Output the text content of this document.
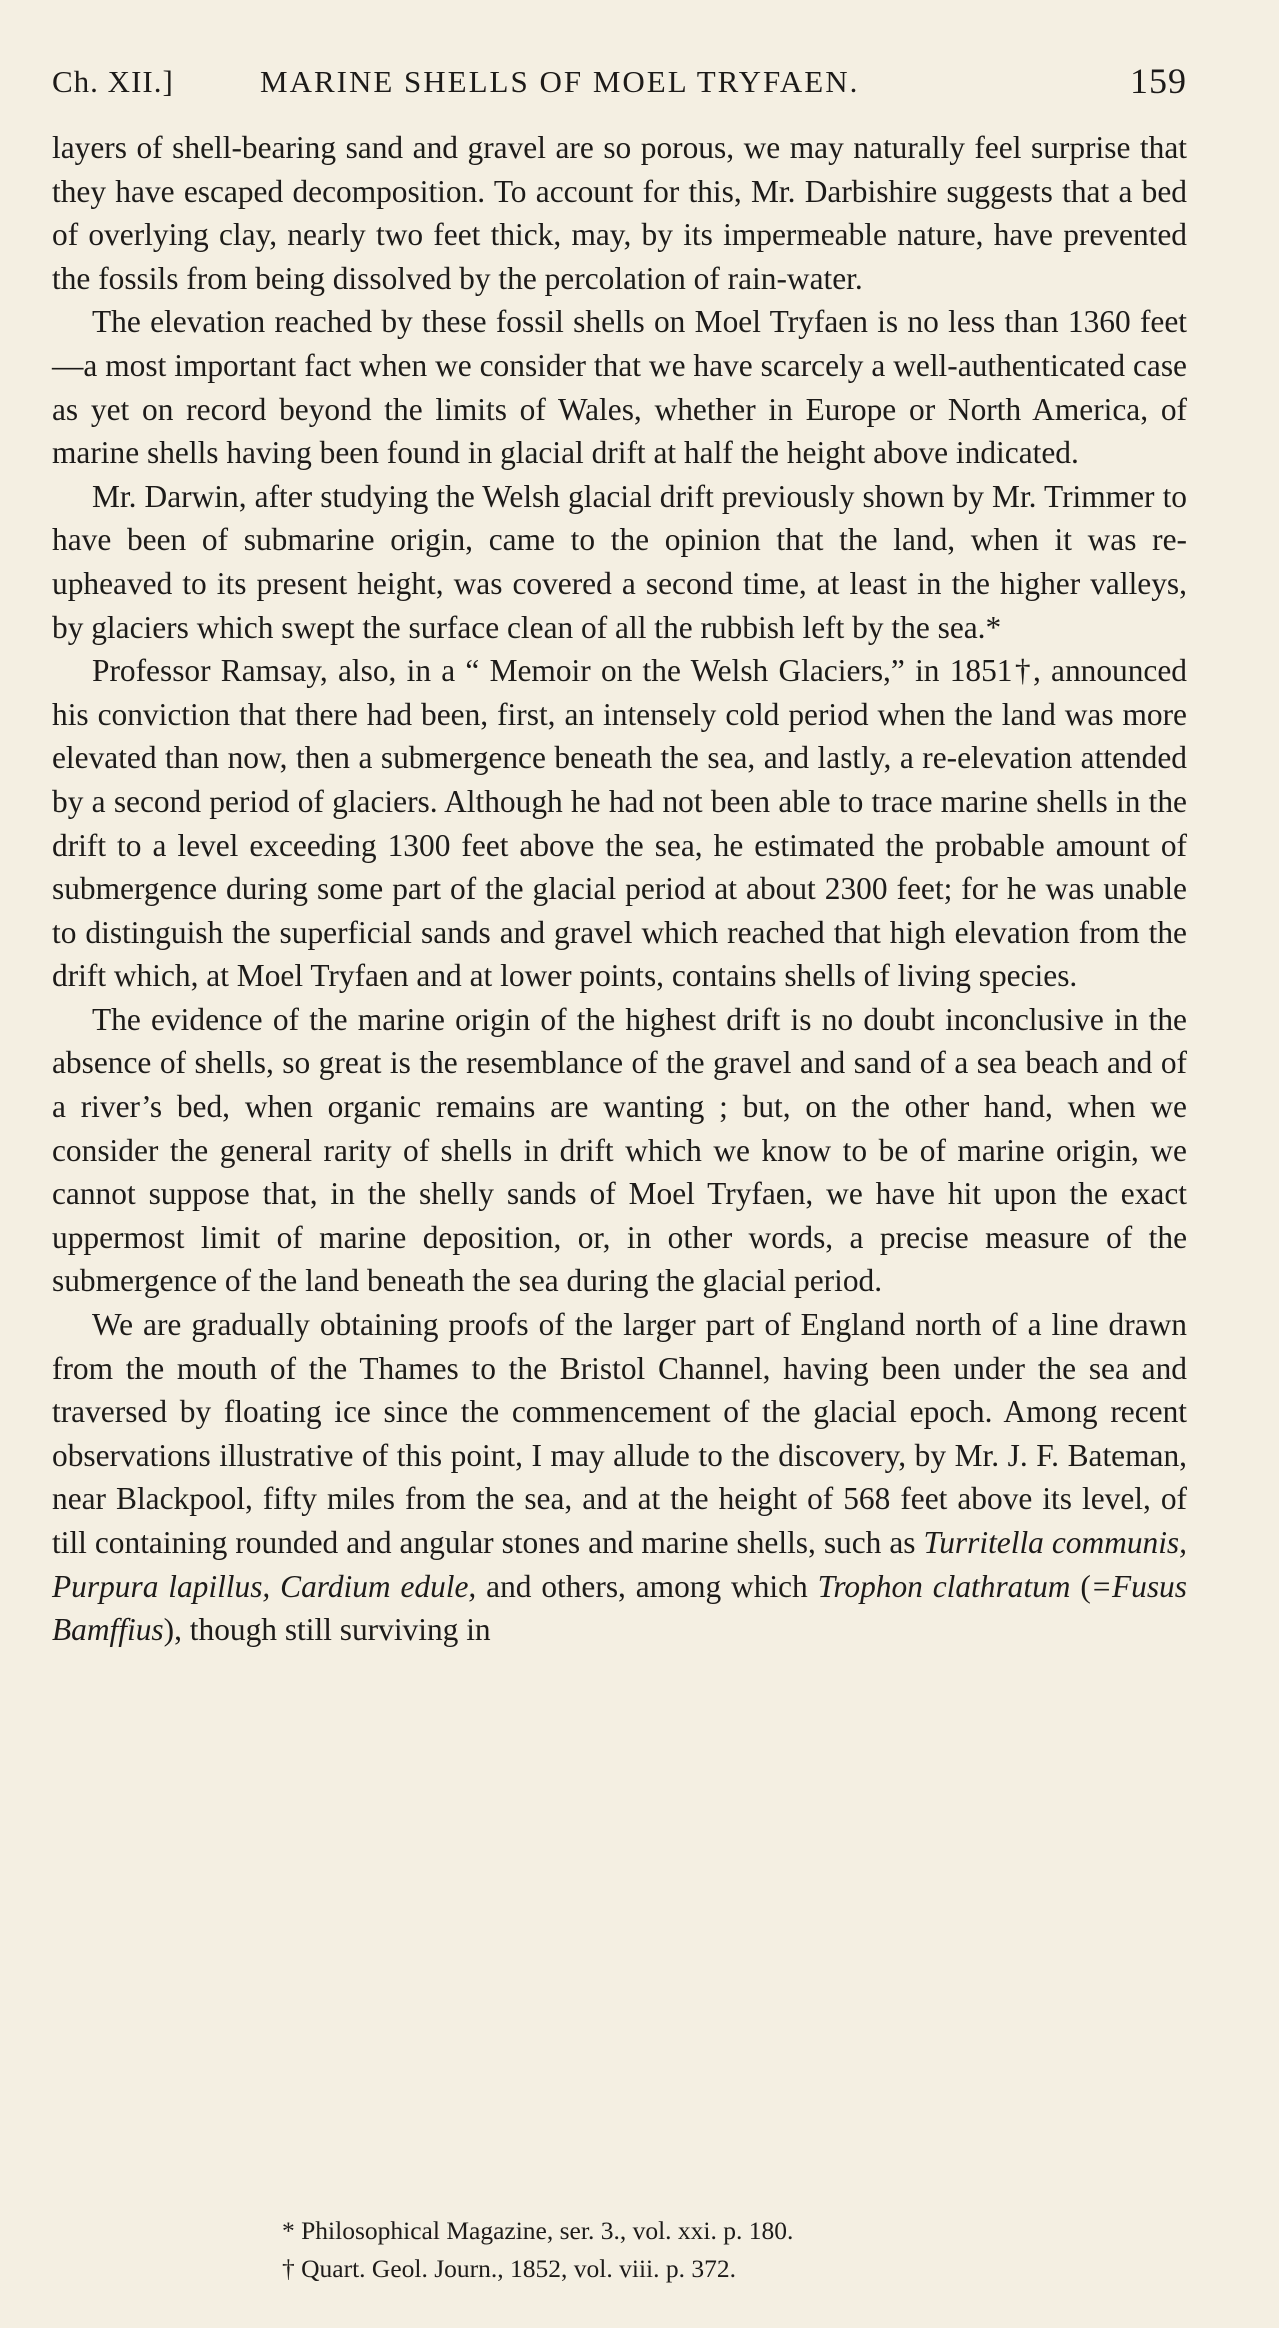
Ch. XII.]	MARINE SHELLS OF MOEL TRYFAEN.	159

layers of shell-bearing sand and gravel are so porous, we may naturally feel surprise that they have escaped decomposition. To account for this, Mr. Darbishire suggests that a bed of overlying clay, nearly two feet thick, may, by its impermeable nature, have prevented the fossils from being dissolved by the percolation of rain-water.

The elevation reached by these fossil shells on Moel Tryfaen is no less than 1360 feet—a most important fact when we consider that we have scarcely a well-authenticated case as yet on record beyond the limits of Wales, whether in Europe or North America, of marine shells having been found in glacial drift at half the height above indicated.

Mr. Darwin, after studying the Welsh glacial drift previously shown by Mr. Trimmer to have been of submarine origin, came to the opinion that the land, when it was re-upheaved to its present height, was covered a second time, at least in the higher valleys, by glaciers which swept the surface clean of all the rubbish left by the sea.*

Professor Ramsay, also, in a “ Memoir on the Welsh Glaciers,” in 1851†, announced his conviction that there had been, first, an intensely cold period when the land was more elevated than now, then a submergence beneath the sea, and lastly, a re-elevation attended by a second period of glaciers. Although he had not been able to trace marine shells in the drift to a level exceeding 1300 feet above the sea, he estimated the probable amount of submergence during some part of the glacial period at about 2300 feet; for he was unable to distinguish the superficial sands and gravel which reached that high elevation from the drift which, at Moel Tryfaen and at lower points, contains shells of living species.

The evidence of the marine origin of the highest drift is no doubt inconclusive in the absence of shells, so great is the resemblance of the gravel and sand of a sea beach and of a river’s bed, when organic remains are wanting ; but, on the other hand, when we consider the general rarity of shells in drift which we know to be of marine origin, we cannot suppose that, in the shelly sands of Moel Tryfaen, we have hit upon the exact uppermost limit of marine deposition, or, in other words, a precise measure of the submergence of the land beneath the sea during the glacial period.

We are gradually obtaining proofs of the larger part of England north of a line drawn from the mouth of the Thames to the Bristol Channel, having been under the sea and traversed by floating ice since the commencement of the glacial epoch. Among recent observations illustrative of this point, I may allude to the discovery, by Mr. J. F. Bateman, near Blackpool, fifty miles from the sea, and at the height of 568 feet above its level, of till containing rounded and angular stones and marine shells, such as Turritella communis, Purpura lapillus, Cardium edule, and others, among which Trophon clathratum (=Fusus Bamffius), though still surviving in

* Philosophical Magazine, ser. 3., vol. xxi. p. 180.

† Quart. Geol. Journ., 1852, vol. viii. p. 372.
